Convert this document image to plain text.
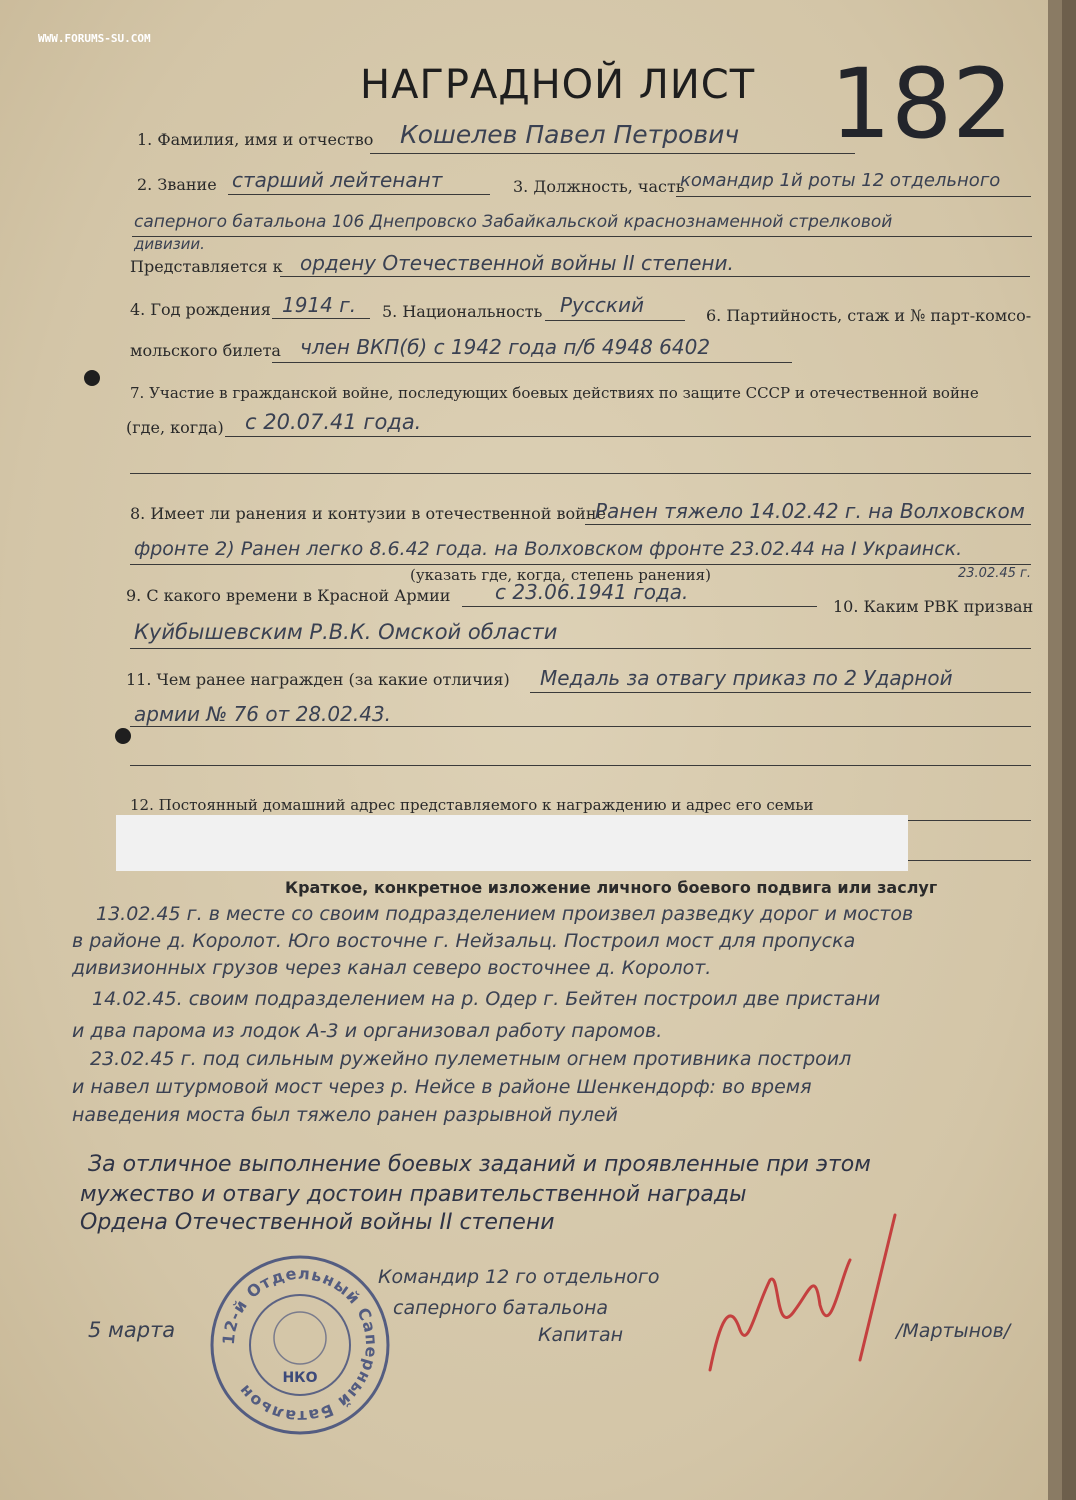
WWW.FORUMS-SU.COM
НАГРАДНОЙ ЛИСТ 182
1. Фамилия, имя и отчество Кошелев Павел Петрович
2. Звание старший лейтенант	3. Должность, часть
командир 1й роты 12 отдельного
саперного батальона 106 Днепровско Забайкальской краснознаменной стрелковой
дивизии.
Представляется к ордену Отечественной войны II степени.
4. Год рождения 1914 г. 5. Национальность Русский	6. Партийность, стаж и № парт-комсо-
мольского билета член ВКП(б) с 1942 года п/б 4948 6402
7. Участие в гражданской войне, последующих боевых действиях по защите СССР и отечественной войне
(где, когда) с 20.07.41 года.
8. Имеет ли ранения и контузии в отечественной войне
Ранен тяжело 14.02.42 г. на Волховском
фронте 2) Ранен легко 8.6.42 года. на Волховском фронте 23.02.44 на I Украинск.
(указать где, когда, степень ранения)	23.02.45 г.
9. С какого времени в Красной Армии с 23.06.1941 года.
10. Каким РВК призван
Куйбышевским Р.В.К. Омской области
11. Чем ранее награжден (за какие отличия) Медаль за отвагу приказ по 2 Ударной
армии № 76 от 28.02.43.
12. Постоянный домашний адрес представляемого к награждению и адрес его семьи
Краткое, конкретное изложение личного боевого подвига или заслуг
13.02.45 г. в месте со своим подразделением произвел разведку дорог и мостов
в районе д. Королот. Юго восточне г. Нейзальц. Построил мост для пропуска
дивизионных грузов через канал северо восточнее д. Королот.
14.02.45. своим подразделением на р. Одер г. Бейтен построил две пристани
и два парома из лодок А-3 и организовал работу паромов.
23.02.45 г. под сильным ружейно пулеметным огнем противника построил
и навел штурмовой мост через р. Нейсе в районе Шенкендорф: во время
наведения моста был тяжело ранен разрывной пулей
За отличное выполнение боевых заданий и проявленные при этом
мужество и отвагу достоин правительственной награды
Ордена Отечественной войны II степени
Командир 12 го отдельного
саперного батальона
Капитан	/Мартынов/
5 марта	12-й Отдельный Саперный Батальон
НКО
